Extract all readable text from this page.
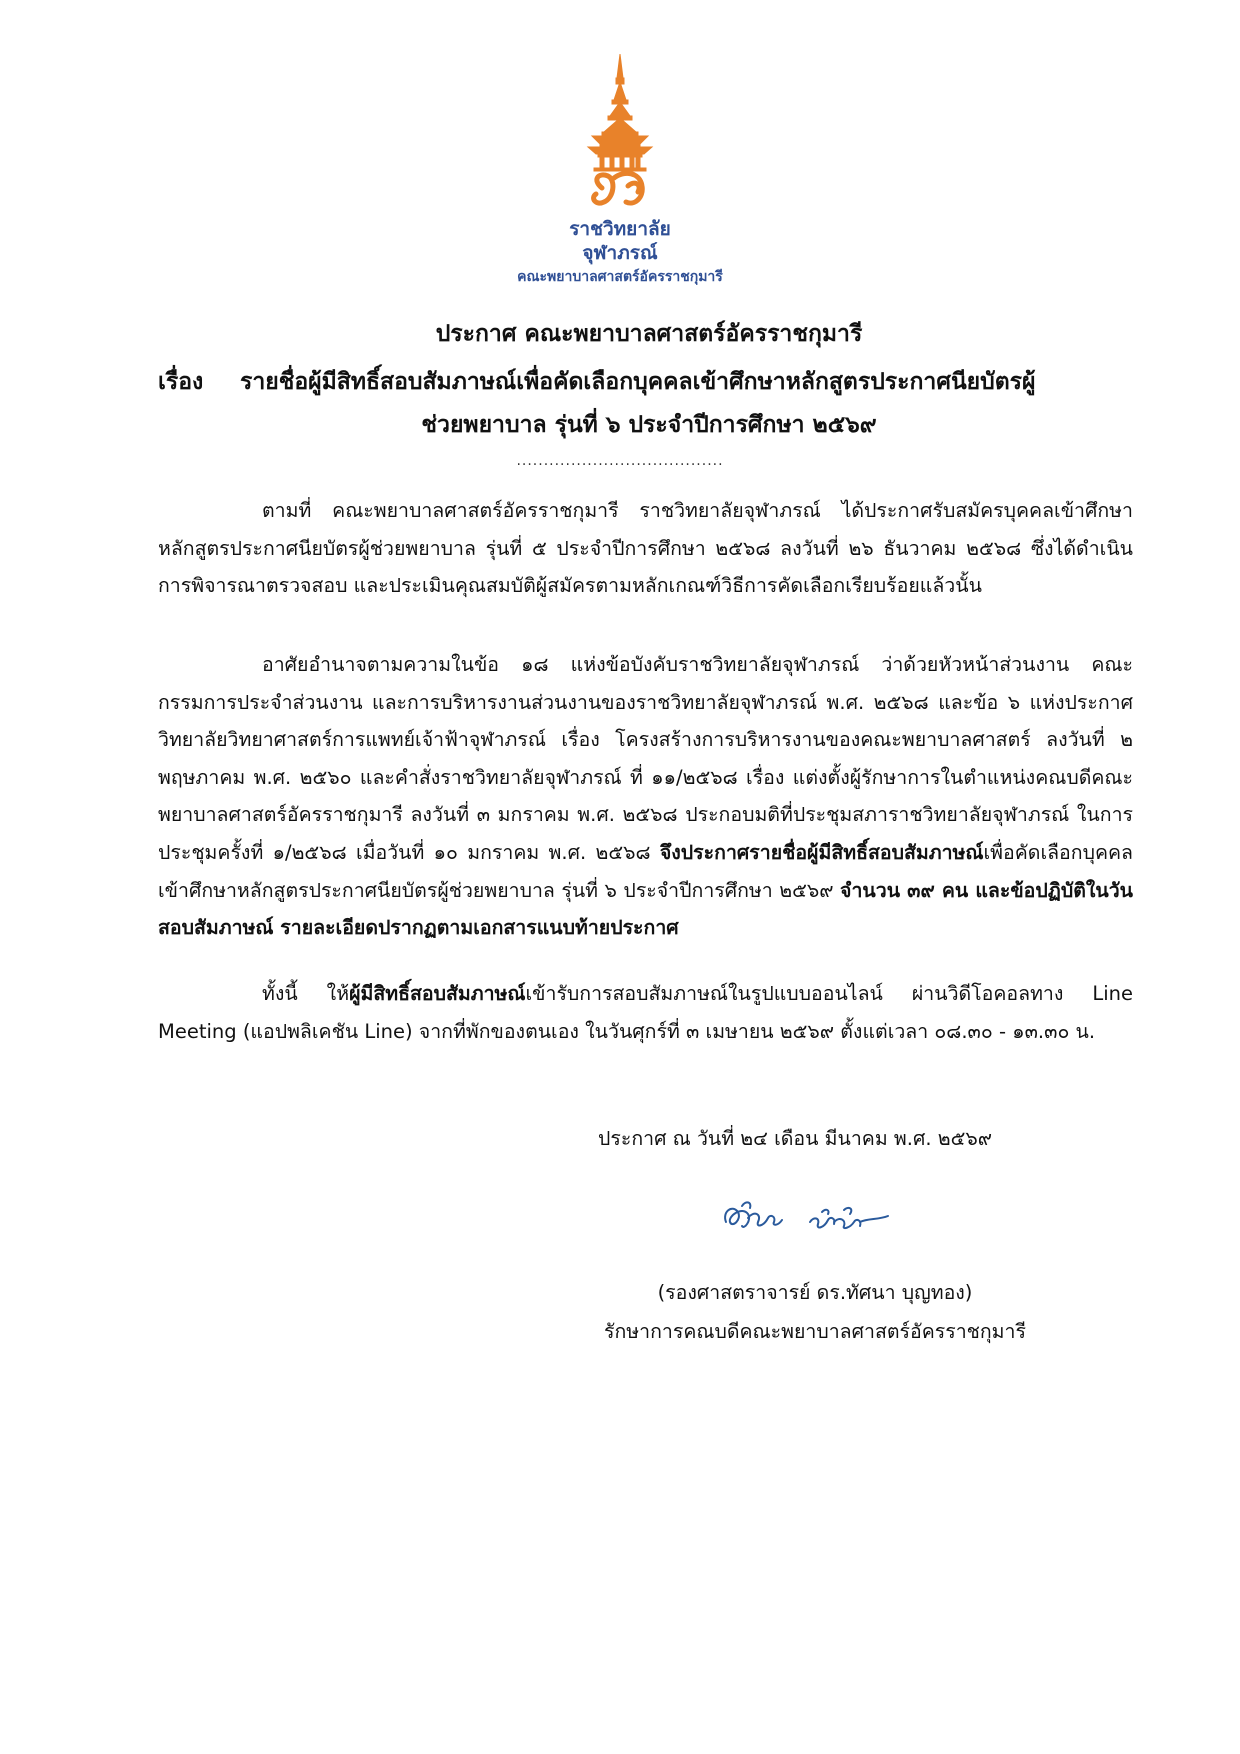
ราชวิทยาลัย
จุฬาภรณ์
คณะพยาบาลศาสตร์อัครราชกุมารี
ประกาศ คณะพยาบาลศาสตร์อัครราชกุมารี
เรื่อง	รายชื่อผู้มีสิทธิ์สอบสัมภาษณ์เพื่อคัดเลือกบุคคลเข้าศึกษาหลักสูตรประกาศนียบัตรผู้
ช่วยพยาบาล รุ่นที่ ๖ ประจำปีการศึกษา ๒๕๖๙
......................................

ตามที่ คณะพยาบาลศาสตร์อัครราชกุมารี ราชวิทยาลัยจุฬาภรณ์ ได้ประกาศรับสมัครบุคคลเข้าศึกษา หลักสูตรประกาศนียบัตรผู้ช่วยพยาบาล รุ่นที่ ๕ ประจำปีการศึกษา ๒๕๖๘ ลงวันที่ ๒๖ ธันวาคม ๒๕๖๘ ซึ่งได้ดำเนินการพิจารณาตรวจสอบ และประเมินคุณสมบัติผู้สมัครตามหลักเกณฑ์วิธีการคัดเลือกเรียบร้อยแล้วนั้น

อาศัยอำนาจตามความในข้อ ๑๘ แห่งข้อบังคับราชวิทยาลัยจุฬาภรณ์ ว่าด้วยหัวหน้าส่วนงาน คณะกรรมการประจำส่วนงาน และการบริหารงานส่วนงานของราชวิทยาลัยจุฬาภรณ์ พ.ศ. ๒๕๖๘ และข้อ ๖ แห่งประกาศวิทยาลัยวิทยาศาสตร์การแพทย์เจ้าฟ้าจุฬาภรณ์ เรื่อง โครงสร้างการบริหารงานของคณะพยาบาลศาสตร์ ลงวันที่ ๒ พฤษภาคม พ.ศ. ๒๕๖๐ และคำสั่งราชวิทยาลัยจุฬาภรณ์ ที่ ๑๑/๒๕๖๘ เรื่อง แต่งตั้งผู้รักษาการในตำแหน่งคณบดีคณะพยาบาลศาสตร์อัครราชกุมารี ลงวันที่ ๓ มกราคม พ.ศ. ๒๕๖๘ ประกอบมติที่ประชุมสภาราชวิทยาลัยจุฬาภรณ์ ในการประชุมครั้งที่ ๑/๒๕๖๘ เมื่อวันที่ ๑๐ มกราคม พ.ศ. ๒๕๖๘ จึงประกาศรายชื่อผู้มีสิทธิ์สอบสัมภาษณ์เพื่อคัดเลือกบุคคลเข้าศึกษาหลักสูตรประกาศนียบัตรผู้ช่วยพยาบาล รุ่นที่ ๖ ประจำปีการศึกษา ๒๕๖๙ จำนวน ๓๙ คน และข้อปฏิบัติในวันสอบสัมภาษณ์ รายละเอียดปรากฏตามเอกสารแนบท้ายประกาศ

ทั้งนี้ ให้ผู้มีสิทธิ์สอบสัมภาษณ์เข้ารับการสอบสัมภาษณ์ในรูปแบบออนไลน์ ผ่านวิดีโอคอลทาง Line Meeting (แอปพลิเคชัน Line) จากที่พักของตนเอง ในวันศุกร์ที่ ๓ เมษายน ๒๕๖๙ ตั้งแต่เวลา ๐๘.๓๐ - ๑๓.๓๐ น.

ประกาศ ณ วันที่ ๒๔ เดือน มีนาคม พ.ศ. ๒๕๖๙
(รองศาสตราจารย์ ดร.ทัศนา บุญทอง)
รักษาการคณบดีคณะพยาบาลศาสตร์อัครราชกุมารี
